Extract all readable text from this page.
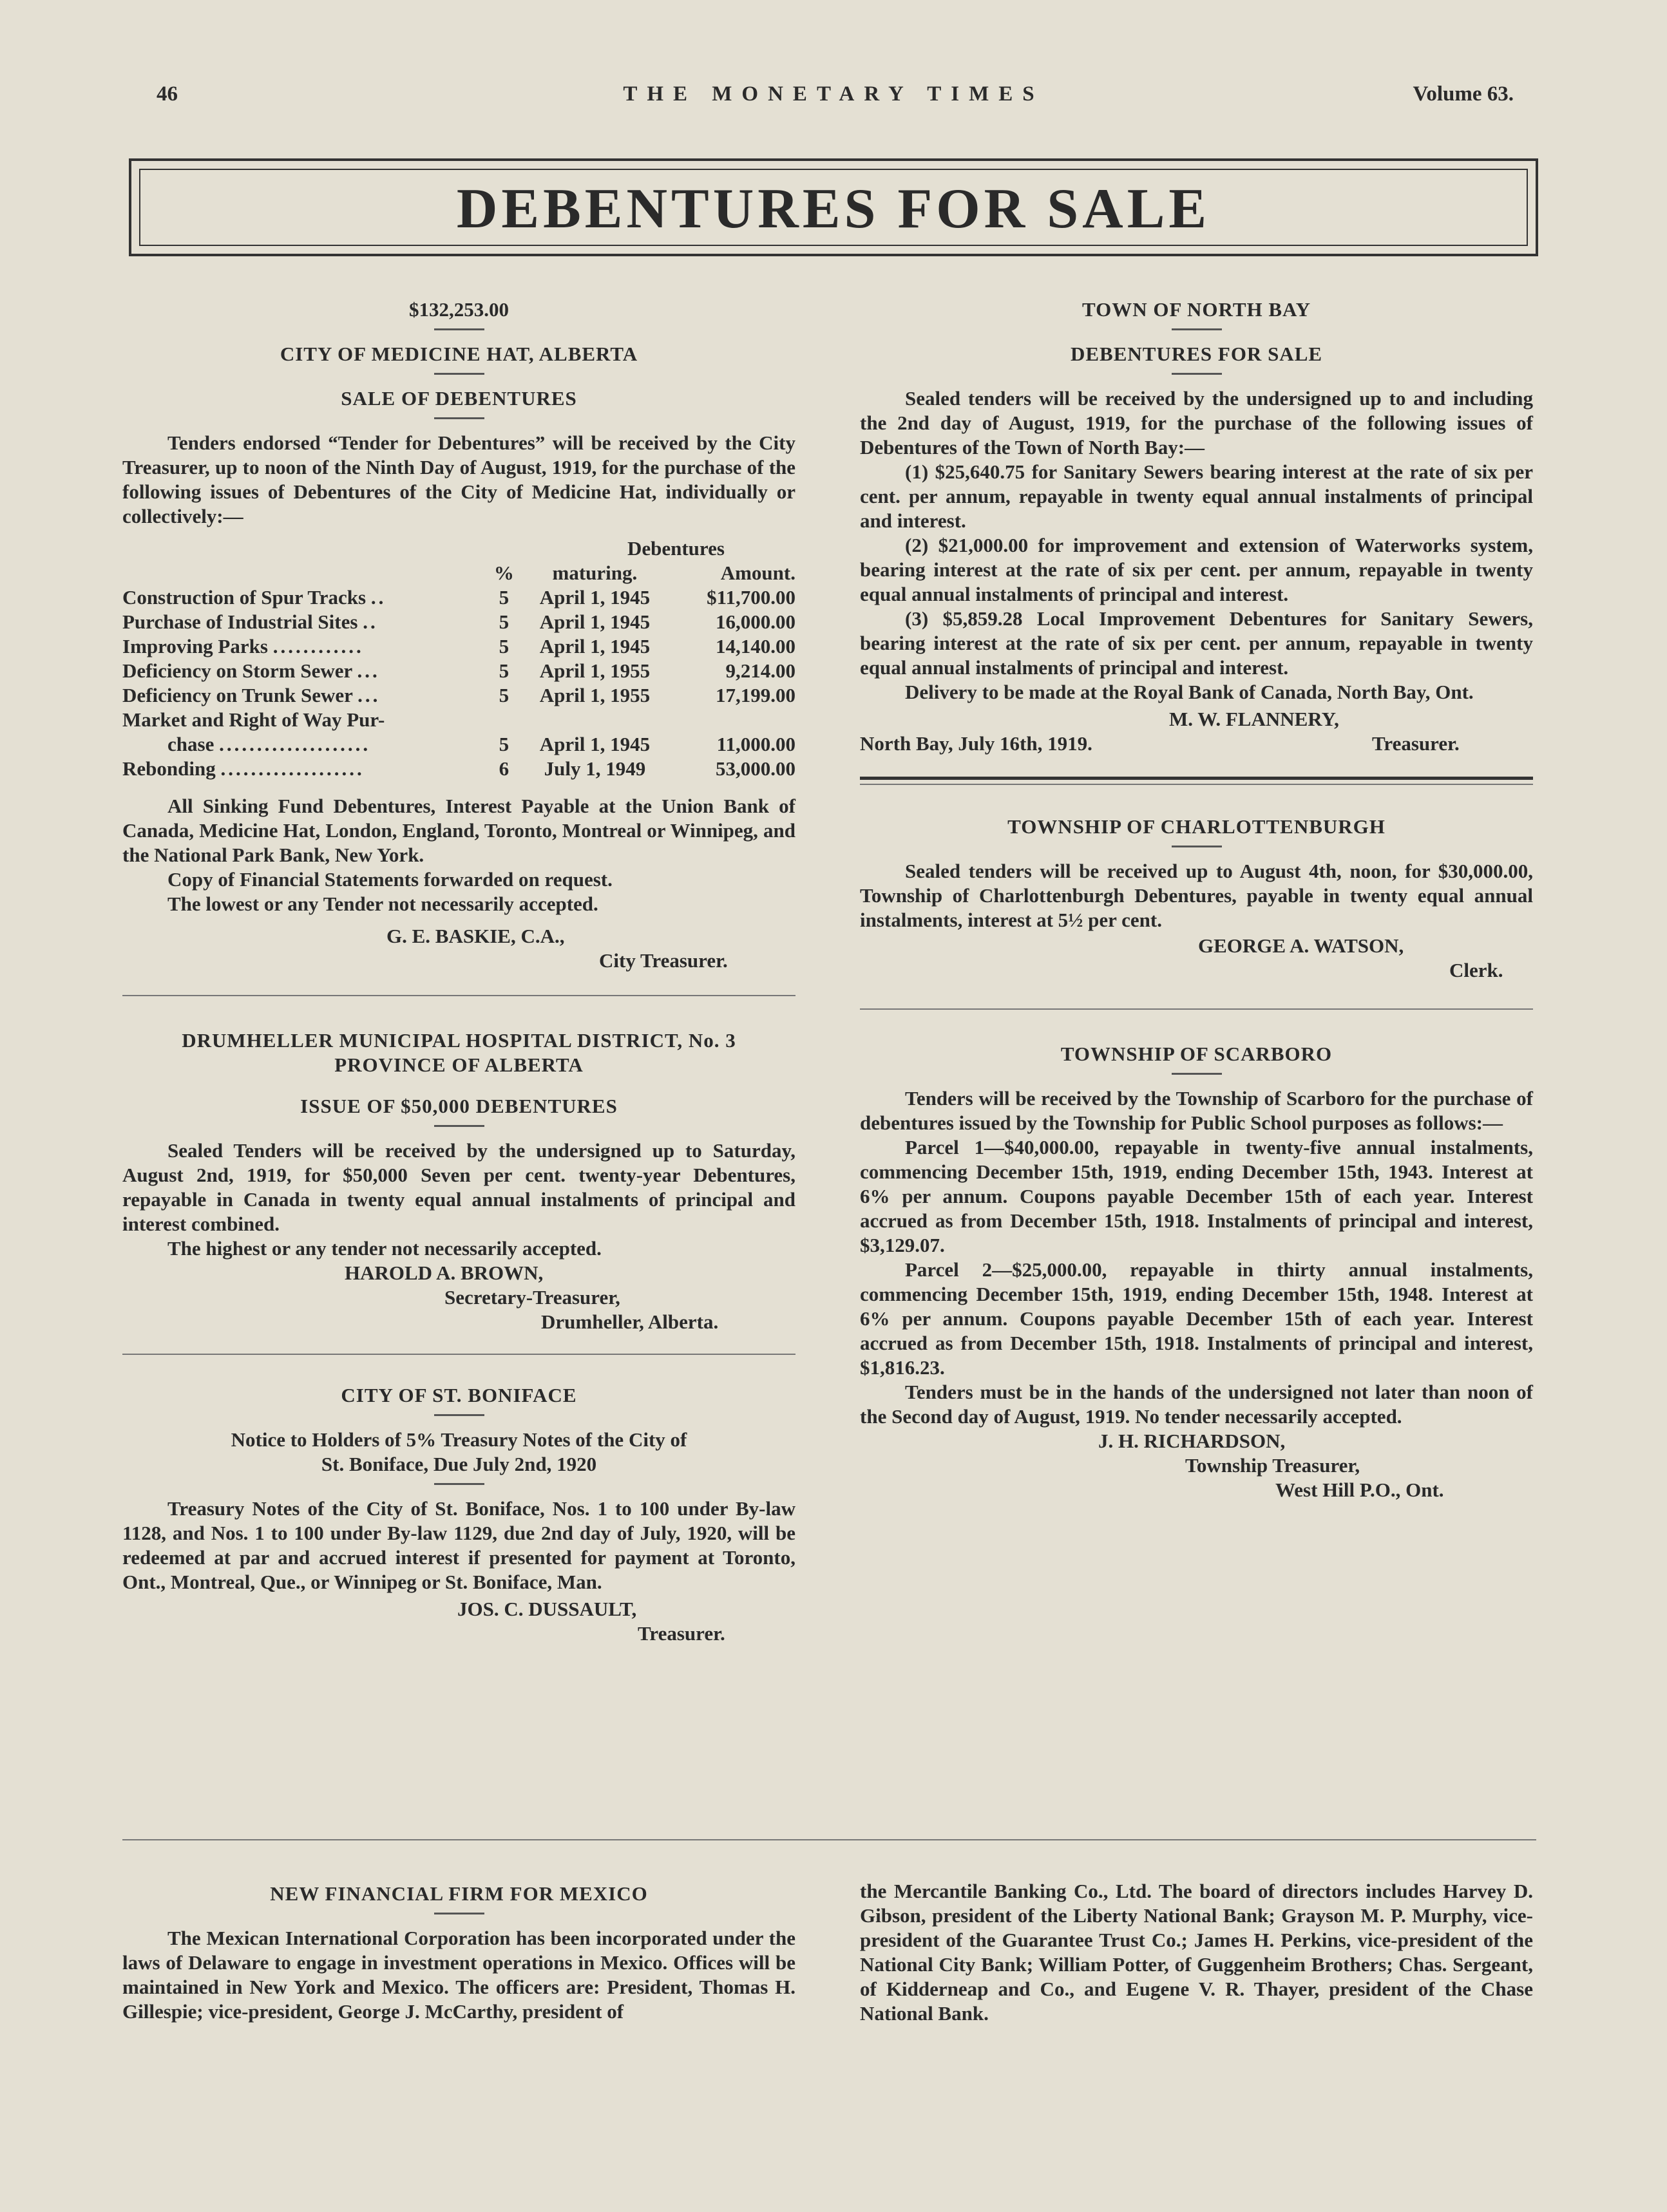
46	THE MONETARY TIMES	Volume 63.
DEBENTURES FOR SALE
$132,253.00
CITY OF MEDICINE HAT, ALBERTA
SALE OF DEBENTURES

Tenders endorsed “Tender for Debentures” will be received by the City Treasurer, up to noon of the Ninth Day of August, 1919, for the purchase of the following issues of Debentures of the City of Medicine Hat, individually or collectively:—

		Debentures		
	%	maturing.	Amount.	
Construction of Spur Tracks ..	5	April 1, 1945	$11,700.00	
Purchase of Industrial Sites ..	5	April 1, 1945	16,000.00	
Improving Parks ............	5	April 1, 1945	14,140.00	
Deficiency on Storm Sewer ...	5	April 1, 1955	9,214.00	
Deficiency on Trunk Sewer ...	5	April 1, 1955	17,199.00	
Market and Right of Way Pur-				
chase ....................	5	April 1, 1945	11,000.00	
Rebonding ...................	6	July 1, 1949	53,000.00	

All Sinking Fund Debentures, Interest Payable at the Union Bank of Canada, Medicine Hat, London, England, Toronto, Montreal or Winnipeg, and the National Park Bank, New York.

Copy of Financial Statements forwarded on request.

The lowest or any Tender not necessarily accepted.

G. E. BASKIE, C.A.,
City Treasurer.
DRUMHELLER MUNICIPAL HOSPITAL DISTRICT, No. 3
PROVINCE OF ALBERTA
ISSUE OF $50,000 DEBENTURES

Sealed Tenders will be received by the undersigned up to Saturday, August 2nd, 1919, for $50,000 Seven per cent. twenty-year Debentures, repayable in Canada in twenty equal annual instalments of principal and interest combined.

The highest or any tender not necessarily accepted.

HAROLD A. BROWN,
Secretary-Treasurer,
Drumheller, Alberta.
CITY OF ST. BONIFACE
Notice to Holders of 5% Treasury Notes of the City of
St. Boniface, Due July 2nd, 1920

Treasury Notes of the City of St. Boniface, Nos. 1 to 100 under By-law 1128, and Nos. 1 to 100 under By-law 1129, due 2nd day of July, 1920, will be redeemed at par and accrued interest if presented for payment at Toronto, Ont., Montreal, Que., or Winnipeg or St. Boniface, Man.

JOS. C. DUSSAULT,
Treasurer.
TOWN OF NORTH BAY
DEBENTURES FOR SALE

Sealed tenders will be received by the undersigned up to and including the 2nd day of August, 1919, for the purchase of the following issues of Debentures of the Town of North Bay:—

(1) $25,640.75 for Sanitary Sewers bearing interest at the rate of six per cent. per annum, repayable in twenty equal annual instalments of principal and interest.

(2) $21,000.00 for improvement and extension of Waterworks system, bearing interest at the rate of six per cent. per annum, repayable in twenty equal annual instalments of principal and interest.

(3) $5,859.28 Local Improvement Debentures for Sanitary Sewers, bearing interest at the rate of six per cent. per annum, repayable in twenty equal annual instalments of principal and interest.

Delivery to be made at the Royal Bank of Canada, North Bay, Ont.

M. W. FLANNERY,
North Bay, July 16th, 1919.	Treasurer.
TOWNSHIP OF CHARLOTTENBURGH

Sealed tenders will be received up to August 4th, noon, for $30,000.00, Township of Charlottenburgh Debentures, payable in twenty equal annual instalments, interest at 5½ per cent.

GEORGE A. WATSON,
Clerk.
TOWNSHIP OF SCARBORO

Tenders will be received by the Township of Scarboro for the purchase of debentures issued by the Township for Public School purposes as follows:—

Parcel 1—$40,000.00, repayable in twenty-five annual instalments, commencing December 15th, 1919, ending December 15th, 1943. Interest at 6% per annum. Coupons payable December 15th of each year. Interest accrued as from December 15th, 1918. Instalments of principal and interest, $3,129.07.

Parcel 2—$25,000.00, repayable in thirty annual instalments, commencing December 15th, 1919, ending December 15th, 1948. Interest at 6% per annum. Coupons payable December 15th of each year. Interest accrued as from December 15th, 1918. Instalments of principal and interest, $1,816.23.

Tenders must be in the hands of the undersigned not later than noon of the Second day of August, 1919. No tender necessarily accepted.

J. H. RICHARDSON,
Township Treasurer,
West Hill P.O., Ont.
NEW FINANCIAL FIRM FOR MEXICO

The Mexican International Corporation has been incorporated under the laws of Delaware to engage in investment operations in Mexico. Offices will be maintained in New York and Mexico. The officers are: President, Thomas H. Gillespie; vice-president, George J. McCarthy, president of

the Mercantile Banking Co., Ltd. The board of directors includes Harvey D. Gibson, president of the Liberty National Bank; Grayson M. P. Murphy, vice-president of the Guarantee Trust Co.; James H. Perkins, vice-president of the National City Bank; William Potter, of Guggenheim Brothers; Chas. Sergeant, of Kidderneap and Co., and Eugene V. R. Thayer, president of the Chase National Bank.
